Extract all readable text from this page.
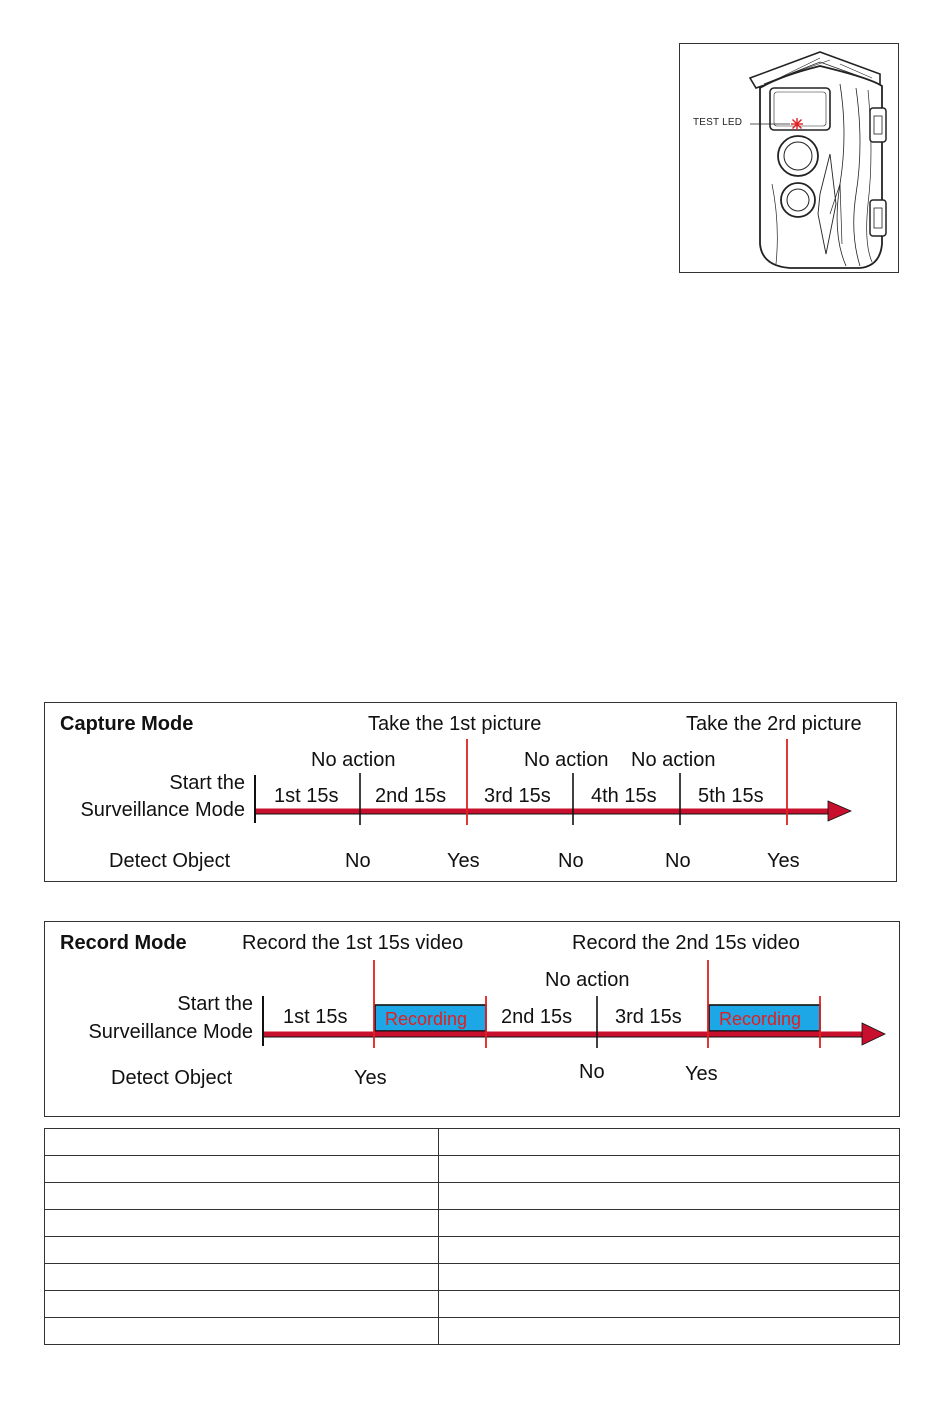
TEST LED
Capture Mode	Take the 1st picture	Take the 2rd picture
No action	No action No action
Start the
Surveillance Mode
1st 15s 2nd 15s 3rd 15s 4th 15s 5th 15s
Detect Object	No	Yes	No	No	Yes
Record Mode	Record the 1st 15s video	Record the 2nd 15s video
No action
Start the
Surveillance Mode
1st 15s Recording 2nd 15s 3rd 15s Recording
Detect Object	Yes	No	Yes
